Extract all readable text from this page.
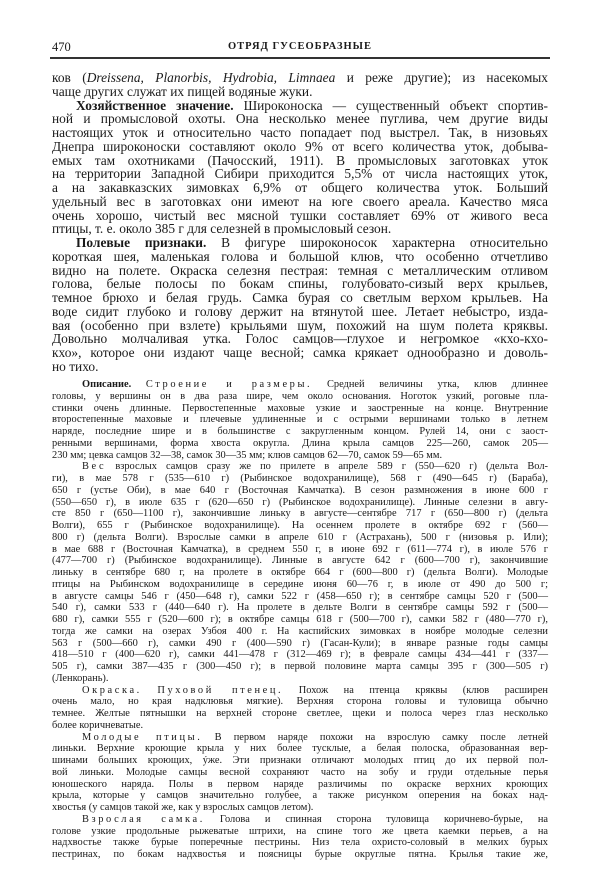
470	ОТРЯД ГУСЕОБРАЗНЫЕ
ков (Dreissena, Planorbis, Hydrobia, Limnaea и реже другие); из насекомых
чаще других служат их пищей водяные жуки.
Хозяйственное значение. Широконоска — существенный объект спортив-
ной и промысловой охоты. Она несколько менее пуглива, чем другие виды
настоящих уток и относительно часто попадает под выстрел. Так, в низовьях
Днепра широконоски составляют около 9% от всего количества уток, добыва-
емых там охотниками (Пачосский, 1911). В промысловых заготовках уток
на территории Западной Сибири приходится 5,5% от числа настоящих уток,
а на закавказских зимовках 6,9% от общего количества уток. Больший
удельный вес в заготовках они имеют на юге своего ареала. Качество мяса
очень хорошо, чистый вес мясной тушки составляет 69% от живого веса
птицы, т. е. около 385 г для селезней в промысловый сезон.
Полевые признаки. В фигуре широконосок характерна относительно
короткая шея, маленькая голова и большой клюв, что особенно отчетливо
видно на полете. Окраска селезня пестрая: темная с металлическим отливом
голова, белые полосы по бокам спины, голубовато-сизый верх крыльев,
темное брюхо и белая грудь. Самка бурая со светлым верхом крыльев. На
воде сидит глубоко и голову держит на втянутой шее. Летает небыстро, изда-
вая (особенно при взлете) крыльями шум, похожий на шум полета кряквы.
Довольно молчаливая утка. Голос самцов—глухое и негромкое «кхо-кхо-
кхо», которое они издают чаще весной; самка крякает однообразно и доволь-
но тихо.
Описание. Строение и размеры. Средней величины утка, клюв длиннее
головы, у вершины он в два раза шире, чем около основания. Ноготок узкий, роговые пла-
стинки очень длинные. Первостепенные маховые узкие и заостренные на конце. Внутренние
второстепенные маховые и плечевые удлиненные и с острыми вершинами только в летнем
наряде, последние шире и в большинстве с закругленным концом. Рулей 14, они с заост-
ренными вершинами, форма хвоста округла. Длина крыла самцов 225—260, самок 205—
230 мм; цевка самцов 32—38, самок 30—35 мм; клюв самцов 62—70, самок 59—65 мм.
Вес взрослых самцов сразу же по прилете в апреле 589 г (550—620 г) (дельта Вол-
ги), в мае 578 г (535—610 г) (Рыбинское водохранилище), 568 г (490—645 г) (Бараба),
650 г (устье Оби), в мае 640 г (Восточная Камчатка). В сезон размножения в июне 600 г
(550—650 г), в июле 635 г (620—650 г) (Рыбинское водохранилище). Линные селезни в авгу-
сте 850 г (650—1100 г), закончившие линьку в августе—сентябре 717 г (650—800 г) (дельта
Волги), 655 г (Рыбинское водохранилище). На осеннем пролете в октябре 692 г (560—
800 г) (дельта Волги). Взрослые самки в апреле 610 г (Астрахань), 500 г (низовья р. Или);
в мае 688 г (Восточная Камчатка), в среднем 550 г, в июне 692 г (611—774 г), в июле 576 г
(477—700 г) (Рыбинское водохранилище). Линные в августе 642 г (600—700 г), закончившие
линьку в сентябре 680 г, на пролете в октябре 664 г (600—800 г) (дельта Волги). Молодые
птицы на Рыбинском водохранилище в середине июня 60—76 г, в июле от 490 до 500 г;
в августе самцы 546 г (450—648 г), самки 522 г (458—650 г); в сентябре самцы 520 г (500—
540 г), самки 533 г (440—640 г). На пролете в дельте Волги в сентябре самцы 592 г (500—
680 г), самки 555 г (520—600 г); в октябре самцы 618 г (500—700 г), самки 582 г (480—770 г),
тогда же самки на озерах Узбоя 400 г. На каспийских зимовках в ноябре молодые селезни
563 г (500—660 г), самки 490 г (400—590 г) (Гасан-Кули); в январе разные годы самцы
418—510 г (400—620 г), самки 441—478 г (312—469 г); в феврале самцы 434—441 г (337—
505 г), самки 387—435 г (300—450 г); в первой половине марта самцы 395 г (300—505 г)
(Ленкорань).
Окраска. Пуховой птенец. Похож на птенца кряквы (клюв расширен
очень мало, но края надклювья мягкие). Верхняя сторона головы и туловища обычно
темнее. Желтые пятнышки на верхней стороне светлее, щеки и полоса через глаз несколько
более коричневатые.
Молодые птицы. В первом наряде похожи на взрослую самку после летней
линьки. Верхние кроющие крыла у них более тусклые, а белая полоска, образованная вер-
шинами больших кроющих, ýже. Эти признаки отличают молодых птиц до их первой пол-
вой линьки. Молодые самцы весной сохраняют часто на зобу и груди отдельные перья
юношеского наряда. Полы в первом наряде различимы по окраске верхних кроющих
крыла, которые у самцов значительно голубее, а также рисунком оперения на боках над-
хвостья (у самцов такой же, как у взрослых самцов летом).
Взрослая самка. Голова и спинная сторона туловища коричнево-бурые, на
голове узкие продольные рыжеватые штрихи, на спине того же цвета каемки перьев, а на
надхвостье также бурые поперечные пестрины. Низ тела охристо-соловый в мелких бурых
пестринах, по бокам надхвостья и поясницы бурые округлые пятна. Крылья такие же,
